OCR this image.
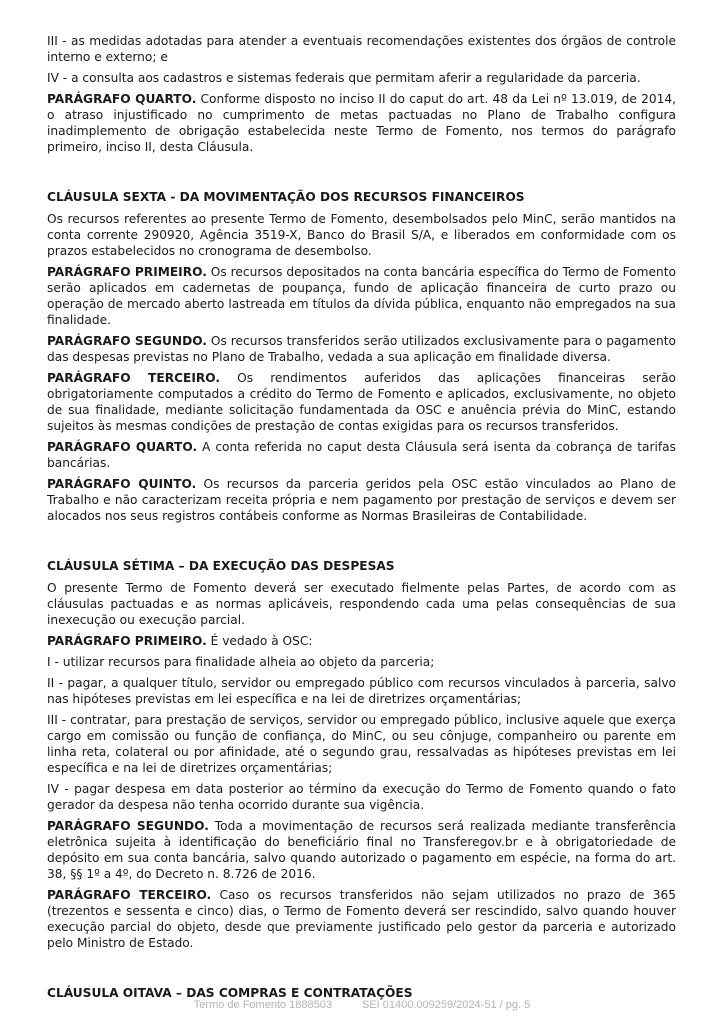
III - as medidas adotadas para atender a eventuais recomendações existentes dos órgãos de controle interno e externo; e

IV - a consulta aos cadastros e sistemas federais que permitam aferir a regularidade da parceria.

PARÁGRAFO QUARTO. Conforme disposto no inciso II do caput do art. 48 da Lei nº 13.019, de 2014, o atraso injustificado no cumprimento de metas pactuadas no Plano de Trabalho configura inadimplemento de obrigação estabelecida neste Termo de Fomento, nos termos do parágrafo primeiro, inciso II, desta Cláusula.

CLÁUSULA SEXTA - DA MOVIMENTAÇÃO DOS RECURSOS FINANCEIROS

Os recursos referentes ao presente Termo de Fomento, desembolsados pelo MinC, serão mantidos na conta corrente 290920, Agência 3519-X, Banco do Brasil S/A, e liberados em conformidade com os prazos estabelecidos no cronograma de desembolso.

PARÁGRAFO PRIMEIRO. Os recursos depositados na conta bancária específica do Termo de Fomento serão aplicados em cadernetas de poupança, fundo de aplicação financeira de curto prazo ou operação de mercado aberto lastreada em títulos da dívida pública, enquanto não empregados na sua finalidade.

PARÁGRAFO SEGUNDO. Os recursos transferidos serão utilizados exclusivamente para o pagamento das despesas previstas no Plano de Trabalho, vedada a sua aplicação em finalidade diversa.

PARÁGRAFO TERCEIRO. Os rendimentos auferidos das aplicações financeiras serão obrigatoriamente computados a crédito do Termo de Fomento e aplicados, exclusivamente, no objeto de sua finalidade, mediante solicitação fundamentada da OSC e anuência prévia do MinC, estando sujeitos às mesmas condições de prestação de contas exigidas para os recursos transferidos.

PARÁGRAFO QUARTO. A conta referida no caput desta Cláusula será isenta da cobrança de tarifas bancárias.

PARÁGRAFO QUINTO. Os recursos da parceria geridos pela OSC estão vinculados ao Plano de Trabalho e não caracterizam receita própria e nem pagamento por prestação de serviços e devem ser alocados nos seus registros contábeis conforme as Normas Brasileiras de Contabilidade.

CLÁUSULA SÉTIMA – DA EXECUÇÃO DAS DESPESAS

O presente Termo de Fomento deverá ser executado fielmente pelas Partes, de acordo com as cláusulas pactuadas e as normas aplicáveis, respondendo cada uma pelas consequências de sua inexecução ou execução parcial.

PARÁGRAFO PRIMEIRO. É vedado à OSC:

I - utilizar recursos para finalidade alheia ao objeto da parceria;

II - pagar, a qualquer título, servidor ou empregado público com recursos vinculados à parceria, salvo nas hipóteses previstas em lei específica e na lei de diretrizes orçamentárias;

III - contratar, para prestação de serviços, servidor ou empregado público, inclusive aquele que exerça cargo em comissão ou função de confiança, do MinC, ou seu cônjuge, companheiro ou parente em linha reta, colateral ou por afinidade, até o segundo grau, ressalvadas as hipóteses previstas em lei específica e na lei de diretrizes orçamentárias;

IV - pagar despesa em data posterior ao término da execução do Termo de Fomento quando o fato gerador da despesa não tenha ocorrido durante sua vigência.

PARÁGRAFO SEGUNDO. Toda a movimentação de recursos será realizada mediante transferência eletrônica sujeita à identificação do beneficiário final no Transferegov.br e à obrigatoriedade de depósito em sua conta bancária, salvo quando autorizado o pagamento em espécie, na forma do art. 38, §§ 1º a 4º, do Decreto n. 8.726 de 2016.

PARÁGRAFO TERCEIRO. Caso os recursos transferidos não sejam utilizados no prazo de 365 (trezentos e sessenta e cinco) dias, o Termo de Fomento deverá ser rescindido, salvo quando houver execução parcial do objeto, desde que previamente justificado pelo gestor da parceria e autorizado pelo Ministro de Estado.

CLÁUSULA OITAVA – DAS COMPRAS E CONTRATAÇÕES
Termo de Fomento 1888503	SEI 01400.009259/2024-51 / pg. 5
